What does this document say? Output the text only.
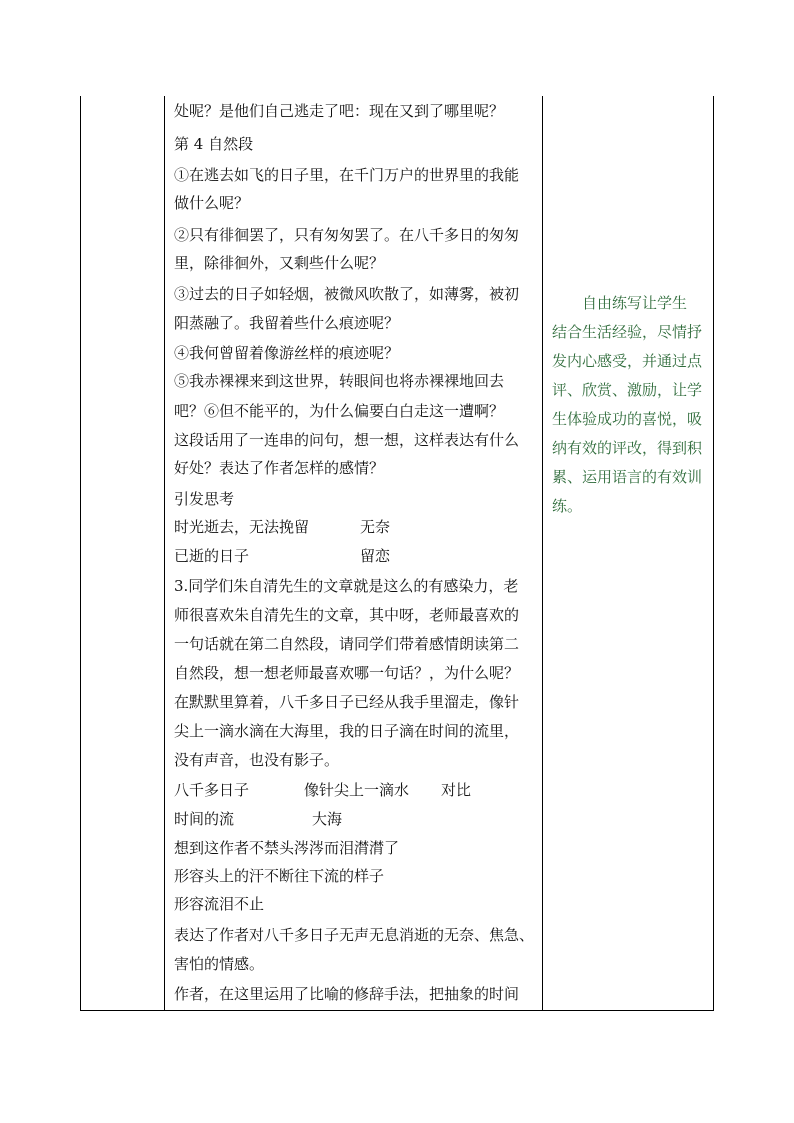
处呢？是他们自己逃走了吧：现在又到了哪里呢？
第 4 自然段
①在逃去如飞的日子里，在千门万户的世界里的我能
做什么呢？
②只有徘徊罢了，只有匆匆罢了。在八千多日的匆匆
里，除徘徊外，又剩些什么呢？
③过去的日子如轻烟，被微风吹散了，如薄雾，被初
阳蒸融了。我留着些什么痕迹呢？
④我何曾留着像游丝样的痕迹呢？
⑤我赤裸裸来到这世界，转眼间也将赤裸裸地回去
吧？⑥但不能平的，为什么偏要白白走这一遭啊？
这段话用了一连串的问句，想一想，这样表达有什么
好处？表达了作者怎样的感情？
引发思考
时光逝去，无法挽留	无奈
已逝的日子	留恋
3.同学们朱自清先生的文章就是这么的有感染力，老
师很喜欢朱自清先生的文章，其中呀，老师最喜欢的
一句话就在第二自然段，请同学们带着感情朗读第二
自然段，想一想老师最喜欢哪一句话？，为什么呢？
在默默里算着，八千多日子已经从我手里溜走，像针
尖上一滴水滴在大海里，我的日子滴在时间的流里，
没有声音，也没有影子。
八千多日子	像针尖上一滴水 对比
时间的流	大海
想到这作者不禁头涔涔而泪潸潸了
形容头上的汗不断往下流的样子
形容流泪不止
表达了作者对八千多日子无声无息消逝的无奈、焦急、
害怕的情感。
作者，在这里运用了比喻的修辞手法，把抽象的时间
　　自由练写让学生
结合生活经验，尽情抒
发内心感受，并通过点
评、欣赏、激励，让学
生体验成功的喜悦，吸
纳有效的评改，得到积
累、运用语言的有效训
练。
